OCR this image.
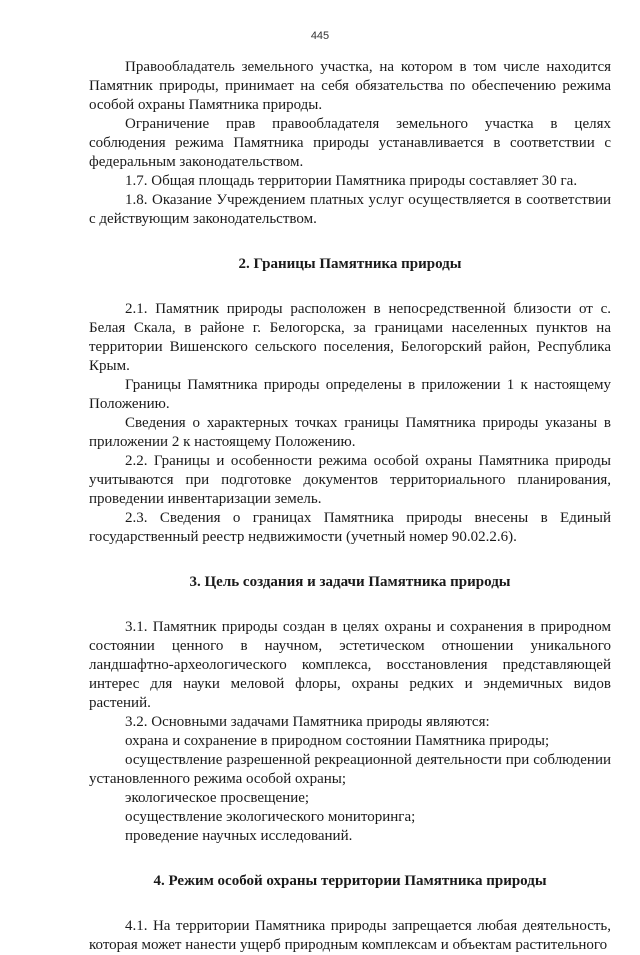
445

Правообладатель земельного участка, на котором в том числе находится Памятник природы, принимает на себя обязательства по обеспечению режима особой охраны Памятника природы.

Ограничение прав правообладателя земельного участка в целях соблюдения режима Памятника природы устанавливается в соответствии с федеральным законодательством.

1.7. Общая площадь территории Памятника природы составляет 30 га.

1.8. Оказание Учреждением платных услуг осуществляется в соответствии с действующим законодательством.

2. Границы Памятника природы

2.1. Памятник природы расположен в непосредственной близости от с. Белая Скала, в районе г. Белогорска, за границами населенных пунктов на территории Вишенского сельского поселения, Белогорский район, Республика Крым.

Границы Памятника природы определены в приложении 1 к настоящему Положению.

Сведения о характерных точках границы Памятника природы указаны в приложении 2 к настоящему Положению.

2.2. Границы и особенности режима особой охраны Памятника природы учитываются при подготовке документов территориального планирования, проведении инвентаризации земель.

2.3. Сведения о границах Памятника природы внесены в Единый государственный реестр недвижимости (учетный номер 90.02.2.6).

3. Цель создания и задачи Памятника природы

3.1. Памятник природы создан в целях охраны и сохранения в природном состоянии ценного в научном, эстетическом отношении уникального ландшафтно-археологического комплекса, восстановления представляющей интерес для науки меловой флоры, охраны редких и эндемичных видов растений.

3.2. Основными задачами Памятника природы являются:

охрана и сохранение в природном состоянии Памятника природы;

осуществление разрешенной рекреационной деятельности при соблюдении установленного режима особой охраны;

экологическое просвещение;

осуществление экологического мониторинга;

проведение научных исследований.

4. Режим особой охраны территории Памятника природы

4.1. На территории Памятника природы запрещается любая деятельность, которая может нанести ущерб природным комплексам и объектам растительного
